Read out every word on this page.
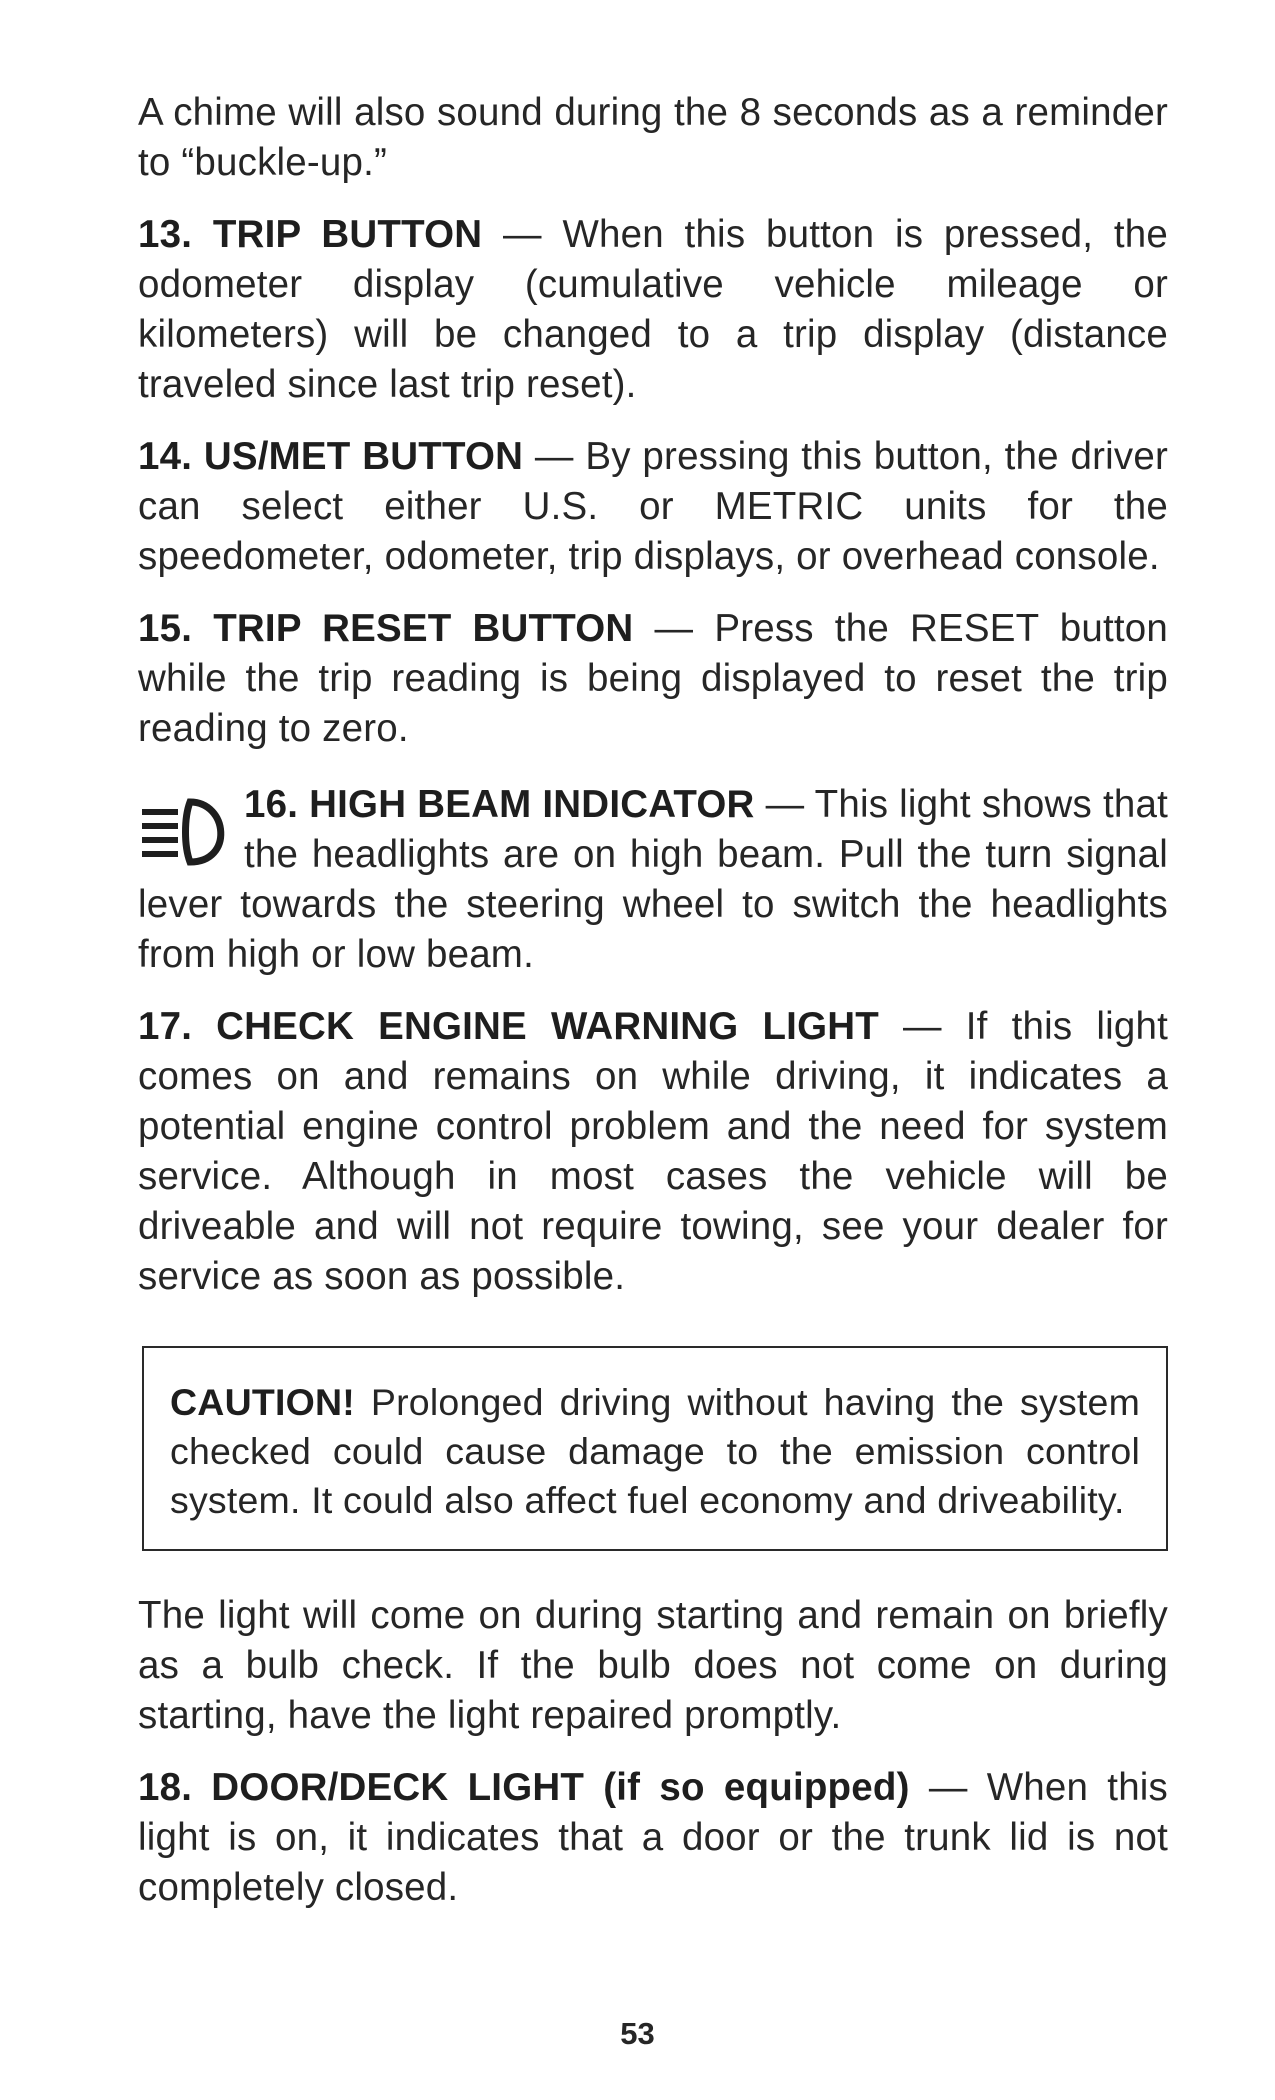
A chime will also sound during the 8 seconds as a reminder to “buckle-up.”

13. TRIP BUTTON — When this button is pressed, the odometer display (cumulative vehicle mileage or kilometers) will be changed to a trip display (distance traveled since last trip reset).

14. US/MET BUTTON — By pressing this button, the driver can select either U.S. or METRIC units for the speedometer, odometer, trip displays, or overhead console.

15. TRIP RESET BUTTON — Press the RESET button while the trip reading is being displayed to reset the trip reading to zero.

16. HIGH BEAM INDICATOR — This light shows that the headlights are on high beam. Pull the turn signal lever towards the steering wheel to switch the headlights from high or low beam.

17. CHECK ENGINE WARNING LIGHT — If this light comes on and remains on while driving, it indicates a potential engine control problem and the need for system service. Although in most cases the vehicle will be driveable and will not require towing, see your dealer for service as soon as possible.

CAUTION! Prolonged driving without having the system checked could cause damage to the emission control system. It could also affect fuel economy and driveability.

The light will come on during starting and remain on briefly as a bulb check. If the bulb does not come on during starting, have the light repaired promptly.

18. DOOR/DECK LIGHT (if so equipped) — When this light is on, it indicates that a door or the trunk lid is not completely closed.

53
